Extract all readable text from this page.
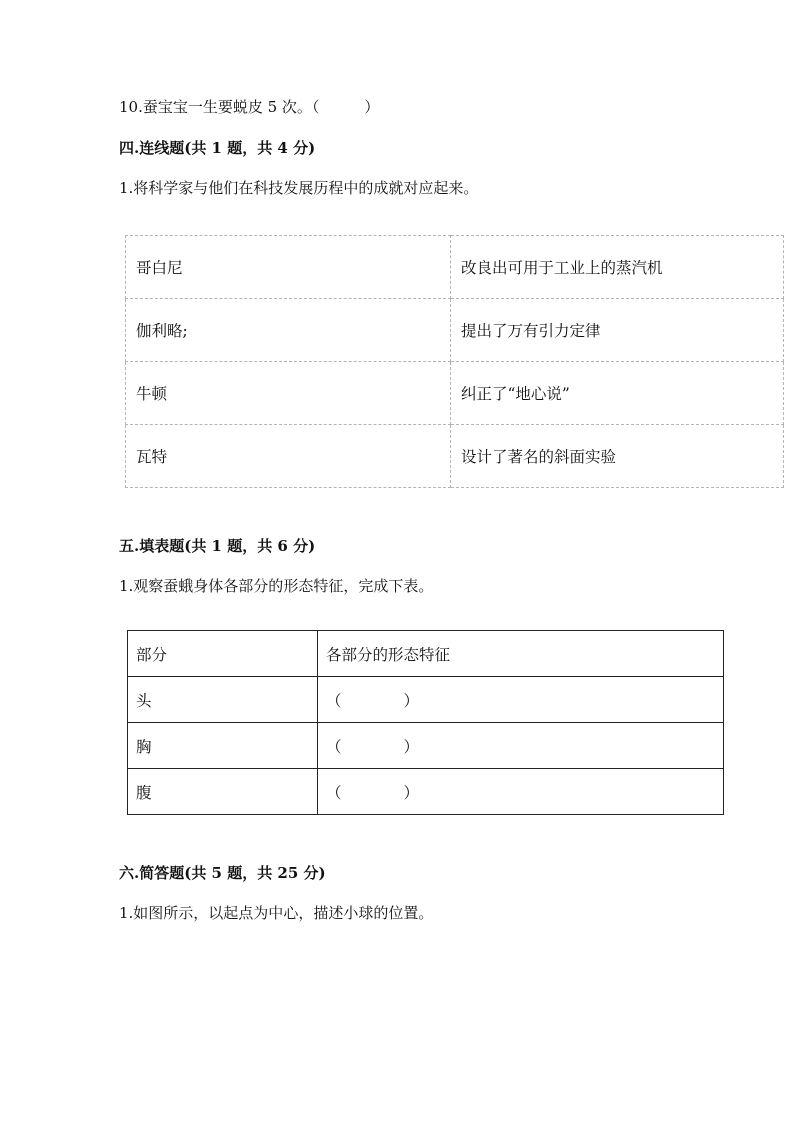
10.蚕宝宝一生要蜕皮 5 次。（　　　）
四.连线题(共 1 题，共 4 分)
1.将科学家与他们在科技发展历程中的成就对应起来。
哥白尼	改良出可用于工业上的蒸汽机
伽利略;	提出了万有引力定律
牛顿	纠正了“地心说”
瓦特	设计了著名的斜面实验
五.填表题(共 1 题，共 6 分)
1.观察蚕蛾身体各部分的形态特征，完成下表。
部分	各部分的形态特征
头	（　　　　）
胸	（　　　　）
腹	（　　　　）
六.简答题(共 5 题，共 25 分)
1.如图所示，以起点为中心，描述小球的位置。
